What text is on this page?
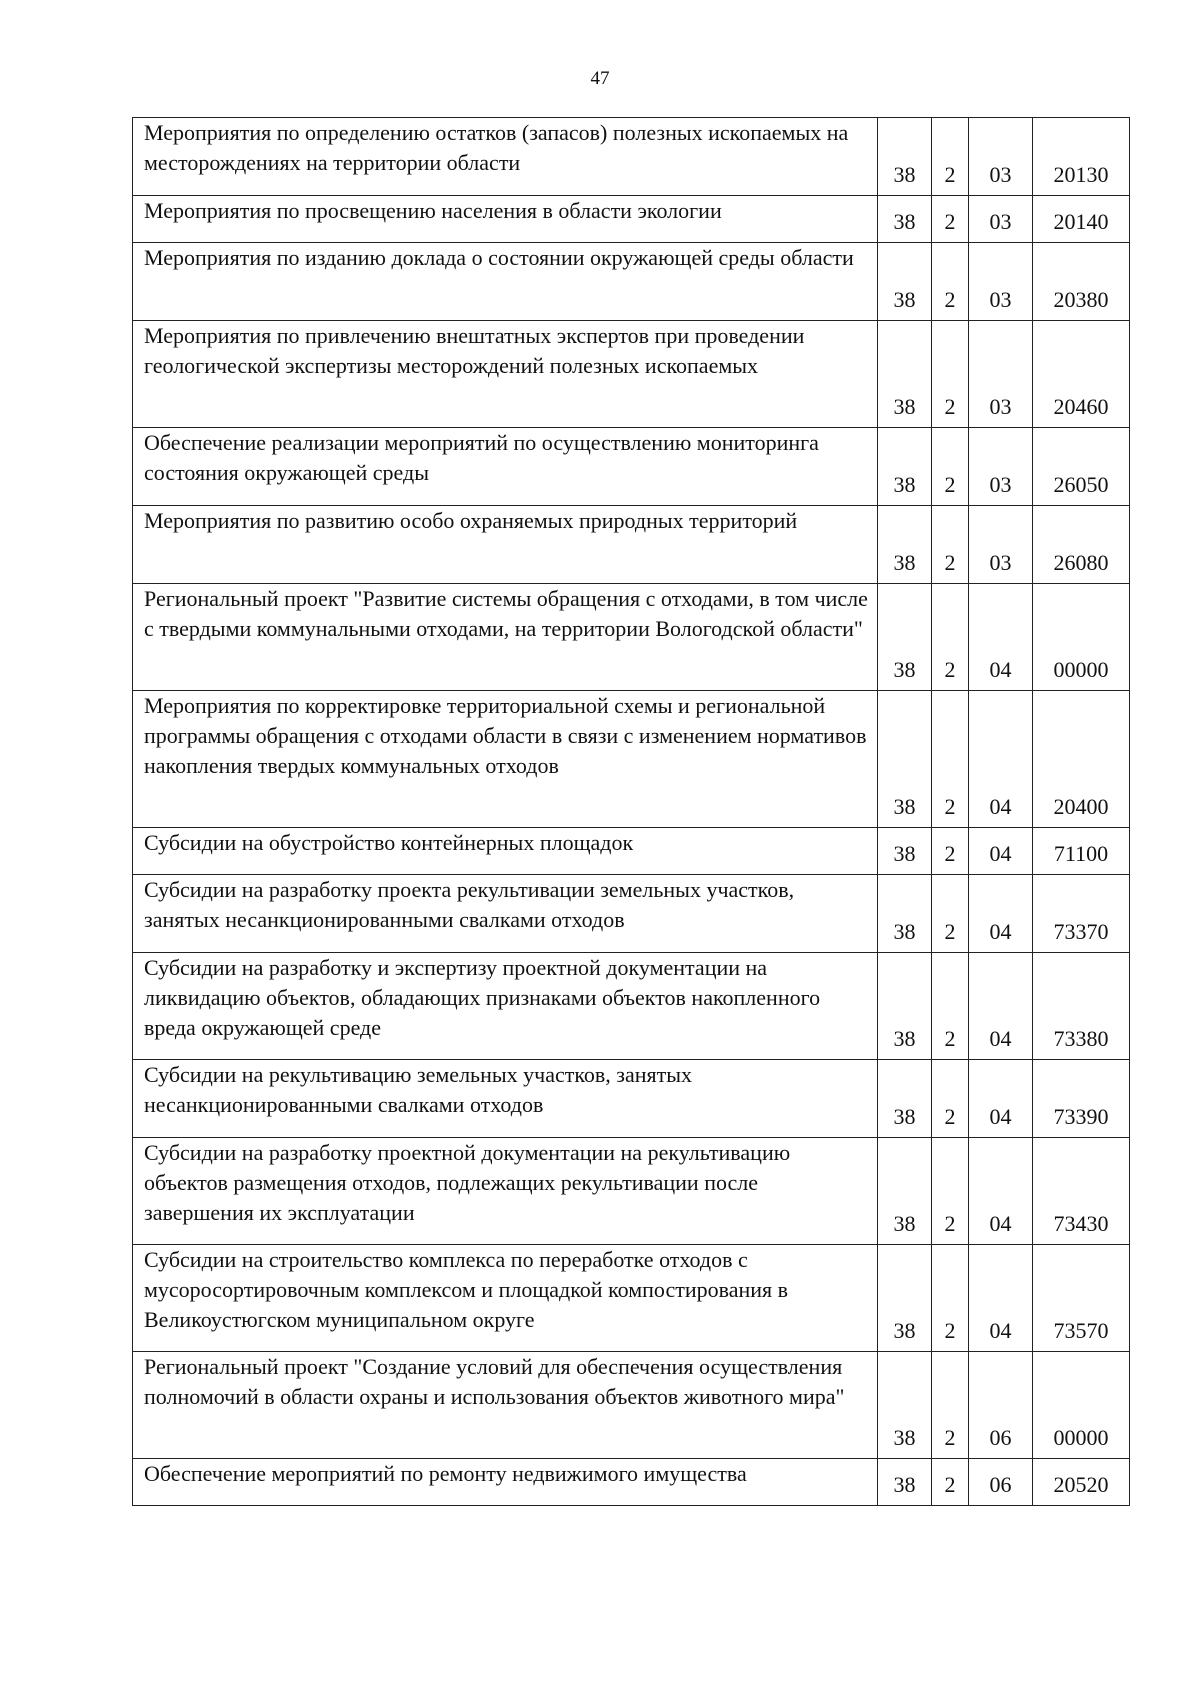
47
Мероприятия по определению остатков (запасов) полезных ископаемых на месторождениях на территории области	38	2	03	20130
Мероприятия по просвещению населения в области экологии	38	2	03	20140
Мероприятия по изданию доклада о состоянии окружающей среды области	38	2	03	20380
Мероприятия по привлечению внештатных экспертов при проведении геологической экспертизы месторождений полезных ископаемых	38	2	03	20460
Обеспечение реализации мероприятий по осуществлению мониторинга состояния окружающей среды	38	2	03	26050
Мероприятия по развитию особо охраняемых природных территорий	38	2	03	26080
Региональный проект "Развитие системы обращения с отходами, в том числе с твердыми коммунальными отходами, на территории Вологодской области"	38	2	04	00000
Мероприятия по корректировке территориальной схемы и региональной программы обращения с отходами области в связи с изменением нормативов накопления твердых коммунальных отходов	38	2	04	20400
Субсидии на обустройство контейнерных площадок	38	2	04	71100
Субсидии на разработку проекта рекультивации земельных участков, занятых несанкционированными свалками отходов	38	2	04	73370
Субсидии на разработку и экспертизу проектной документации на ликвидацию объектов, обладающих признаками объектов накопленного вреда окружающей среде	38	2	04	73380
Субсидии на рекультивацию земельных участков, занятых несанкционированными свалками отходов	38	2	04	73390
Субсидии на разработку проектной документации на рекультивацию объектов размещения отходов, подлежащих рекультивации после завершения их эксплуатации	38	2	04	73430
Субсидии на строительство комплекса по переработке отходов с мусоросортировочным комплексом и площадкой компостирования в Великоустюгском муниципальном округе	38	2	04	73570
Региональный проект "Создание условий для обеспечения осуществления полномочий в области охраны и использования объектов животного мира"	38	2	06	00000
Обеспечение мероприятий по ремонту недвижимого имущества	38	2	06	20520
